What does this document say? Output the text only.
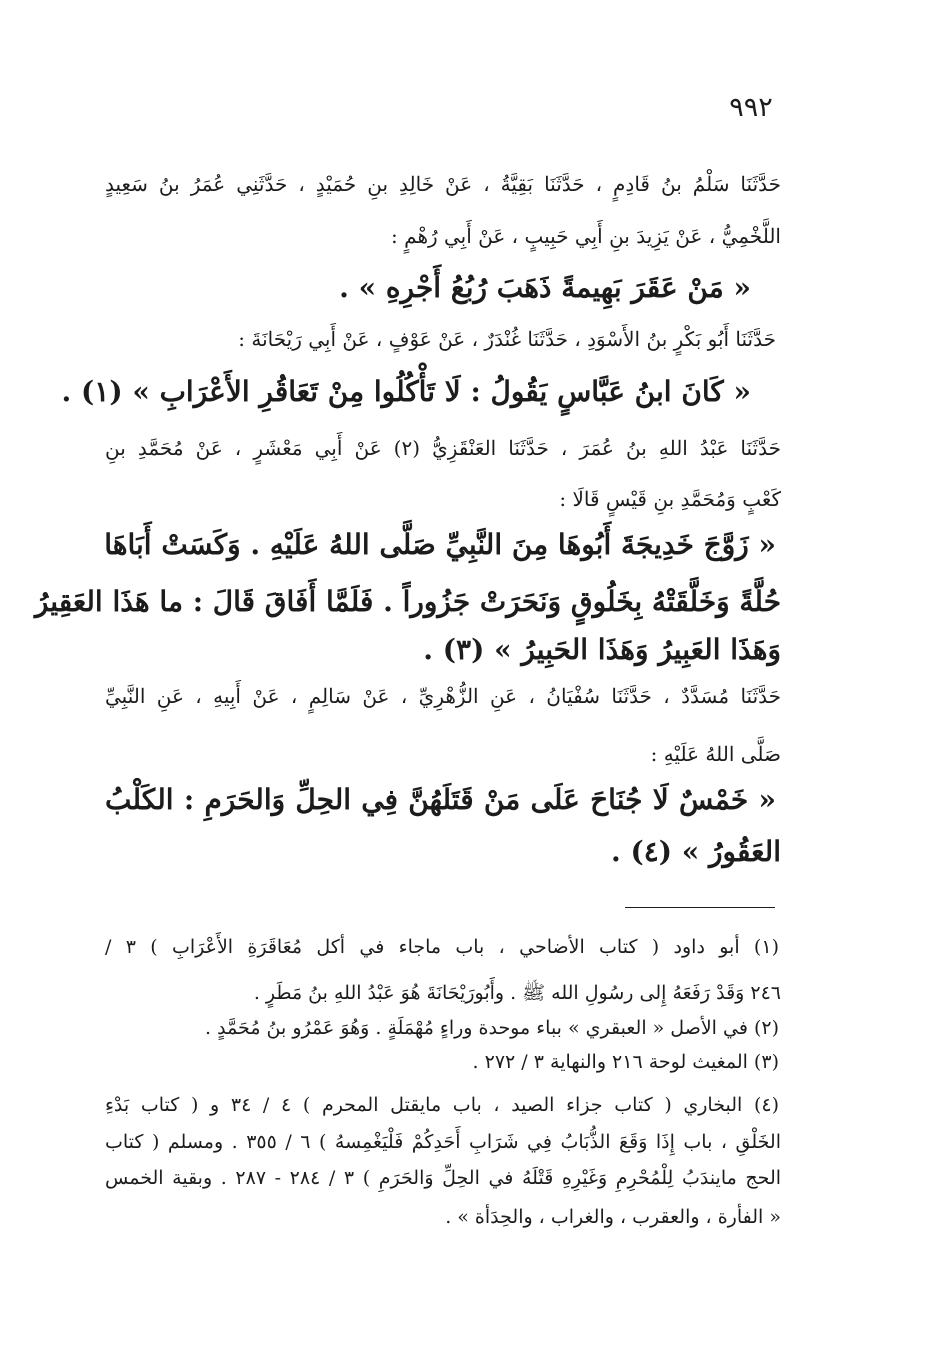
٩٩٢
حَدَّثَنَا سَلْمُ بنُ قَادِمٍ ، حَدَّثَنَا بَقِيَّةُ ، عَنْ خَالِدِ بنِ حُمَيْدٍ ، حَدَّثَنِي عُمَرُ بنُ سَعِيدٍ
اللَّخْمِيُّ ، عَنْ يَزِيدَ بنِ أَبِي حَبِيبٍ ، عَنْ أَبِي رُهْمٍ :
« مَنْ عَقَرَ بَهِيمةً ذَهَبَ رُبُعُ أَجْرِهِ » .
حَدَّثَنَا أَبُو بَكْرٍ بنُ الأَسْوَدِ ، حَدَّثَنَا غُنْدَرٌ ، عَنْ عَوْفٍ ، عَنْ أَبِي رَيْحَانَةَ :
« كَانَ ابنُ عَبَّاسٍ يَقُولُ : لَا تَأْكُلُوا مِنْ تَعَاقُرِ الأَعْرَابِ » (١) .
حَدَّثَنَا عَبْدُ اللهِ بنُ عُمَرَ ، حَدَّثَنَا العَنْقَزِيُّ (٢) عَنْ أَبِي مَعْشَرٍ ، عَنْ مُحَمَّدِ بنِ
كَعْبٍ وَمُحَمَّدِ بنِ قَيْسٍ قَالَا :
« زَوَّجَ خَدِيجَةَ أَبُوهَا مِنَ النَّبِيِّ صَلَّى اللهُ عَلَيْهِ . وَكَسَتْ أَبَاهَا
حُلَّةً وَخَلَّقَتْهُ بِخَلُوقٍ وَنَحَرَتْ جَزُوراً . فَلَمَّا أَفَاقَ قَالَ : ما هَذَا العَقِيرُ
وَهَذَا العَبِيرُ وَهَذَا الحَبِيرُ » (٣) .
حَدَّثَنَا مُسَدَّدٌ ، حَدَّثَنَا سُفْيَانُ ، عَنِ الزُّهْرِيِّ ، عَنْ سَالِمٍ ، عَنْ أَبِيهِ ، عَنِ النَّبِيِّ
صَلَّى اللهُ عَلَيْهِ :
« خَمْسٌ لَا جُنَاحَ عَلَى مَنْ قَتَلَهُنَّ فِي الحِلِّ وَالحَرَمِ : الكَلْبُ
العَقُورُ » (٤) .
(١) أبو داود ( كتاب الأضاحي ، باب ماجاء في أكل مُعَاقَرَةِ الأَعْرَابِ ) ٣ /
٢٤٦ وَقَدْ رَفَعَهُ إِلى رسُولِ الله ﷺ . وأَبُورَيْحَانَةَ هُوَ عَبْدُ اللهِ بنُ مَطَرٍ .
(٢) في الأصل « العبقري » بباء موحدة وراءٍ مُهْمَلَةٍ . وَهُوَ عَمْرُو بنُ مُحَمَّدٍ .
(٣) المغيث لوحة ٢١٦ والنهاية ٣ / ٢٧٢ .
(٤) البخاري ( كتاب جزاء الصيد ، باب مايقتل المحرم ) ٤ / ٣٤ و ( كتاب بَدْءِ
الخَلْقِ ، باب إِذَا وَقَعَ الذُّبَابُ فِي شَرَابِ أَحَدِكُمْ فَلْيَغْمِسهُ ) ٦ / ٣٥٥ . ومسلم ( كتاب
الحج مايندَبُ لِلْمُحْرِمِ وَغَيْرِهِ قَتْلَهُ في الحِلِّ وَالحَرَمِ ) ٣ / ٢٨٤ - ٢٨٧ . وبقية الخمس
« الفأرة ، والعقرب ، والغراب ، والحِدَأة » .
